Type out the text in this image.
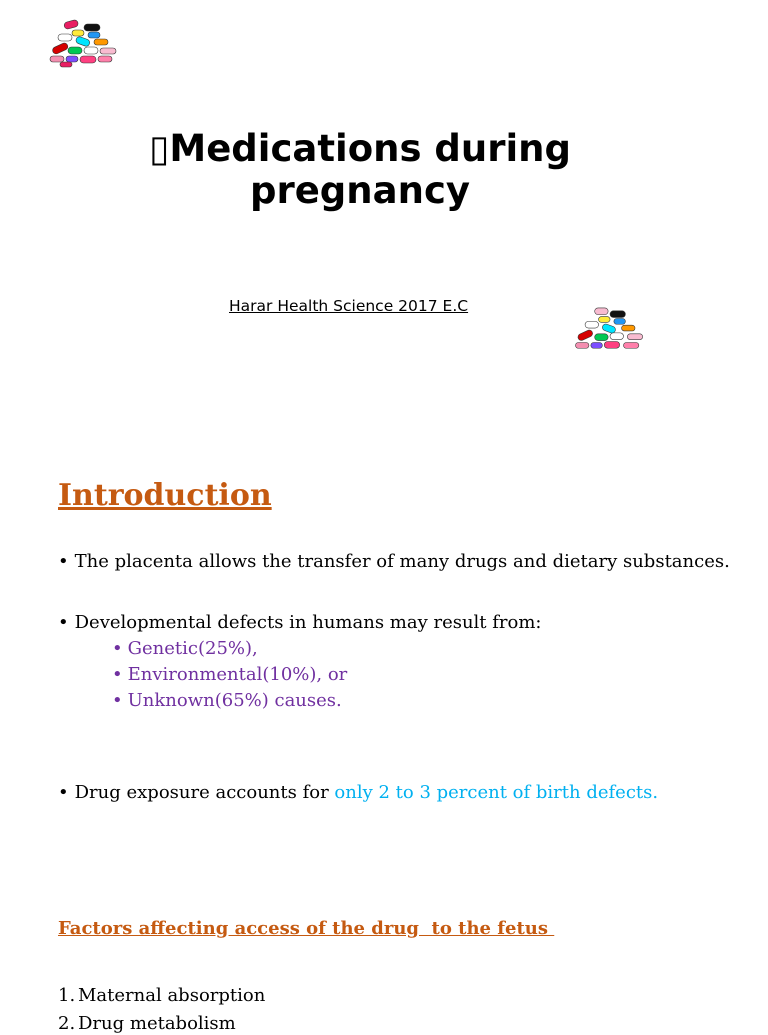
▯Medications during
pregnancy
Harar Health Science 2017 E.C
Introduction
• The placenta allows the transfer of many drugs and dietary substances.
• Developmental defects in humans may result from:
• Genetic(25%),
• Environmental(10%), or
• Unknown(65%) causes.
• Drug exposure accounts for only 2 to 3 percent of birth defects.
Factors affecting access of the drug  to the fetus
1. Maternal absorption
2. Drug metabolism
